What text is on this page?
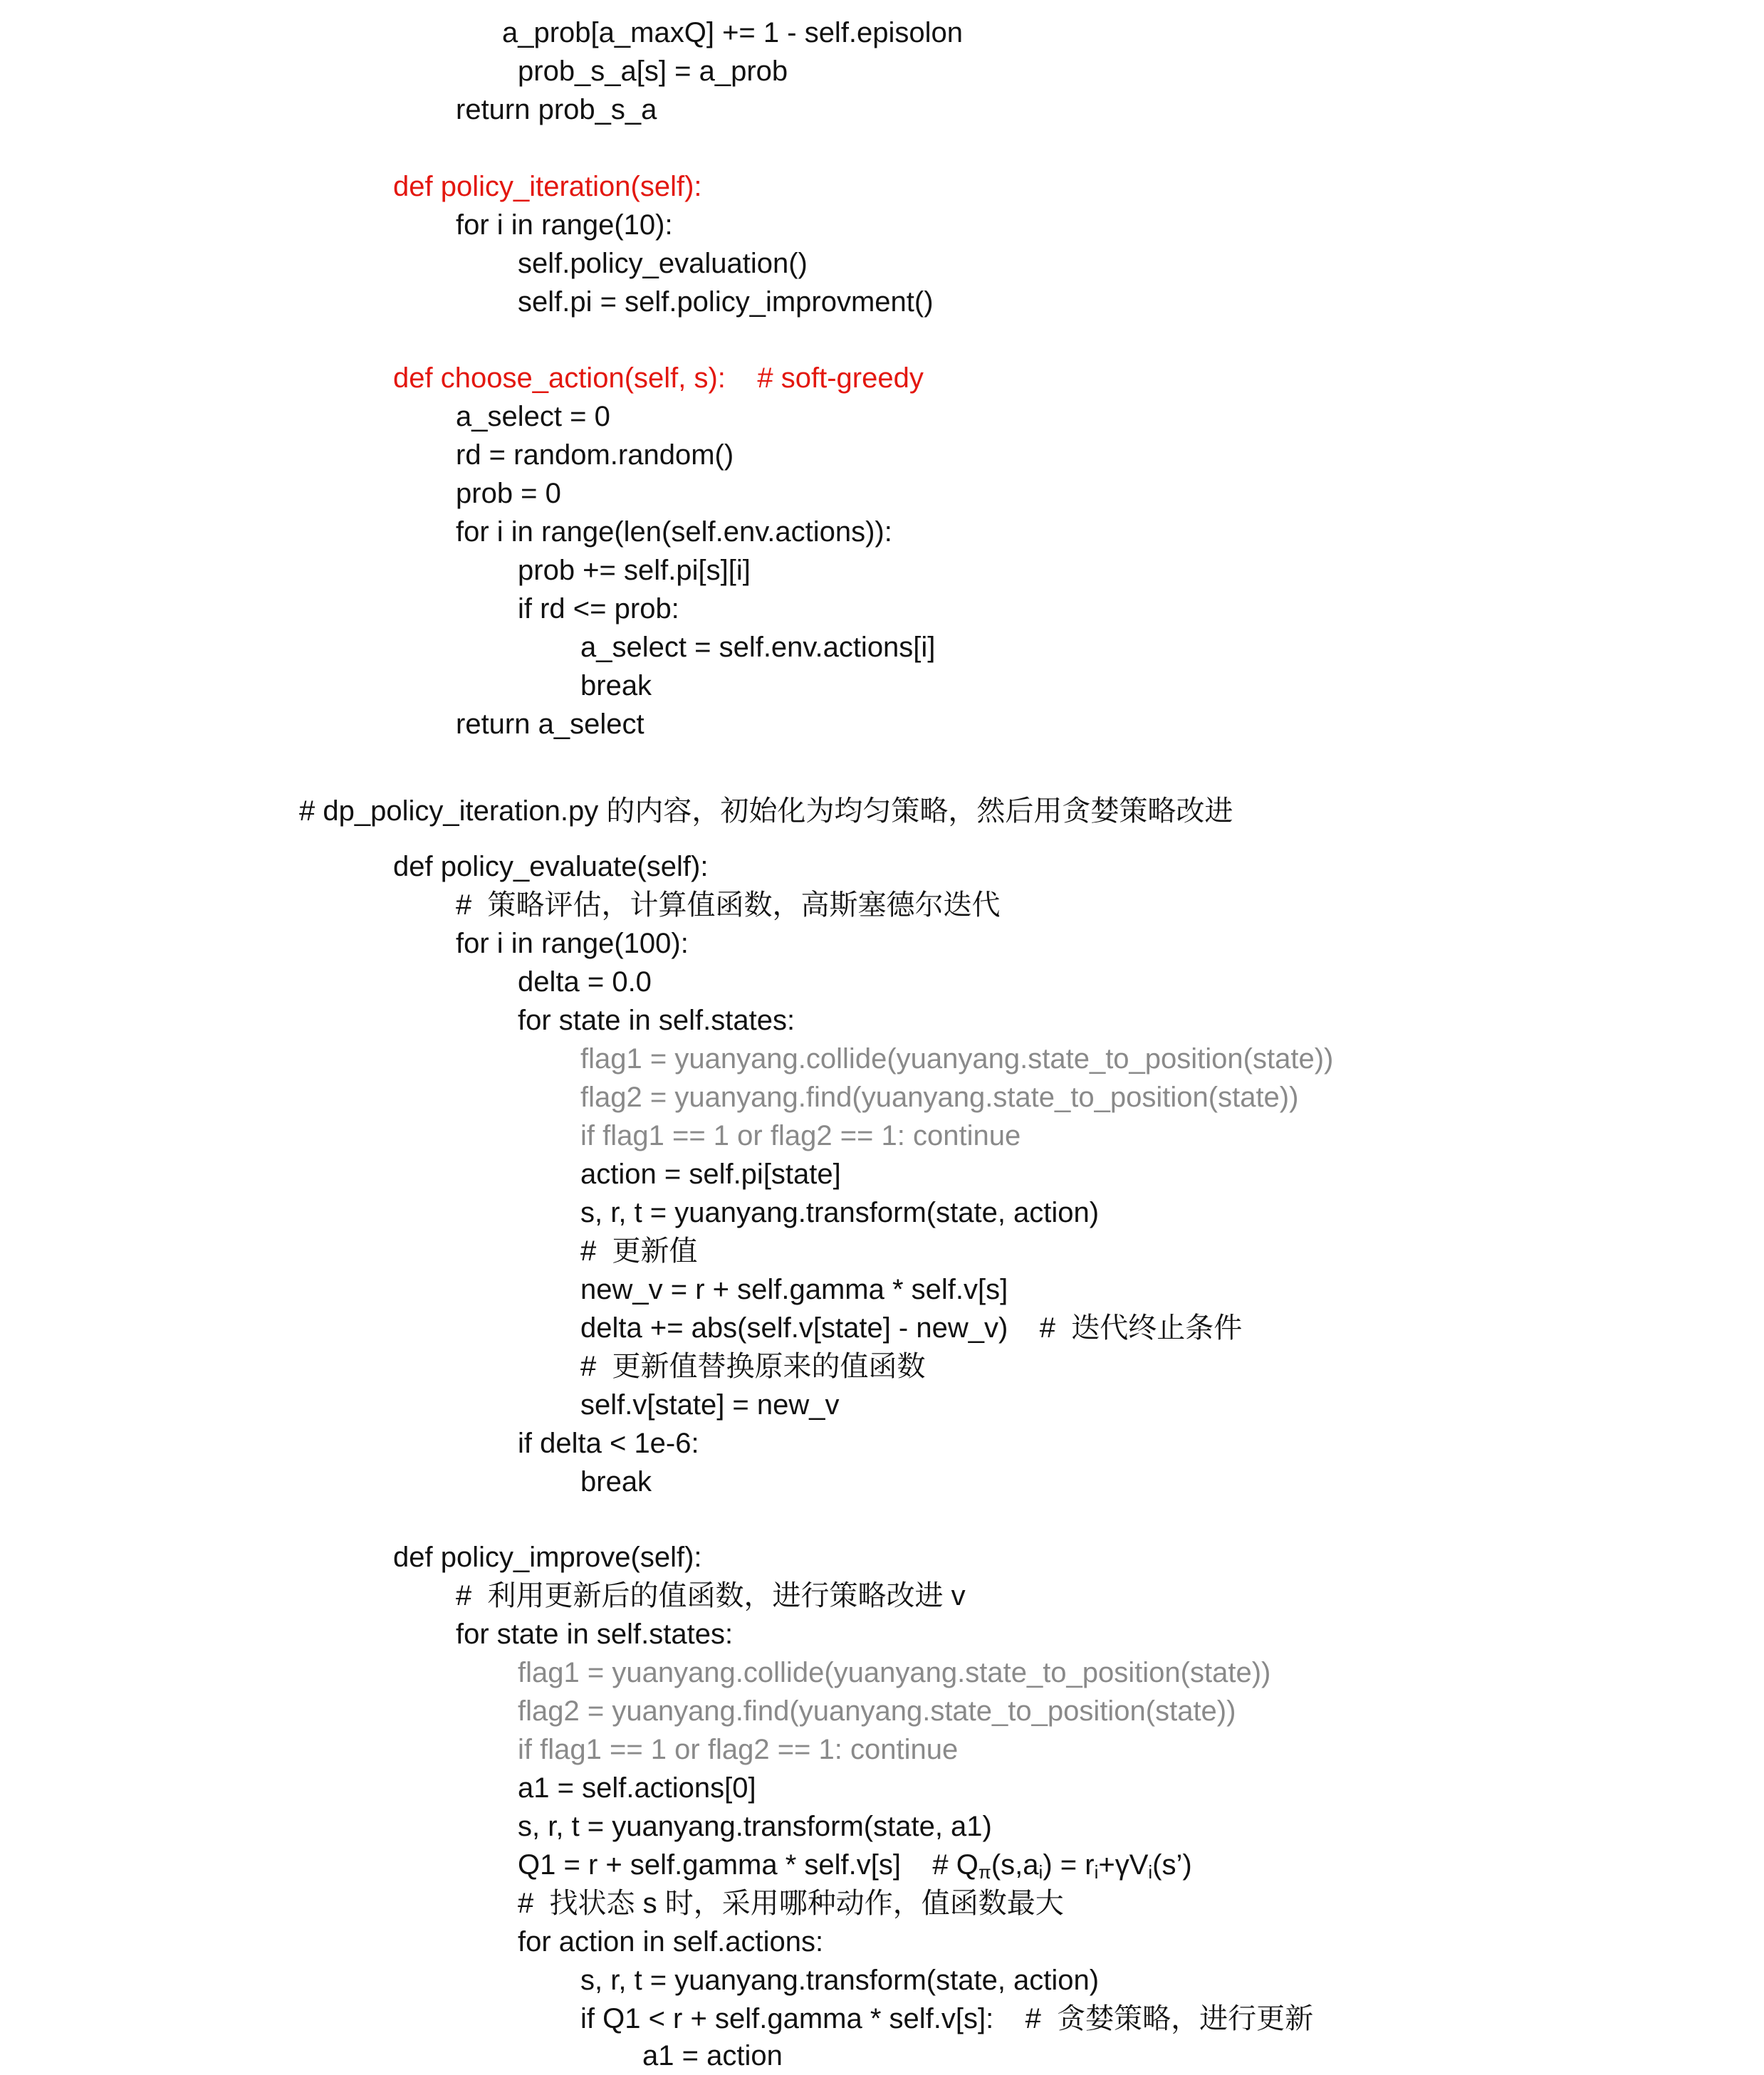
a_prob[a_maxQ] += 1 - self.episolon
prob_s_a[s] = a_prob
return prob_s_a
def policy_iteration(self):
for i in range(10):
self.policy_evaluation()
self.pi = self.policy_improvment()
def choose_action(self, s):    # soft-greedy
a_select = 0
rd = random.random()
prob = 0
for i in range(len(self.env.actions)):
prob += self.pi[s][i]
if rd <= prob:
a_select = self.env.actions[i]
break
return a_select
# dp_policy_iteration.py 的内容，初始化为均匀策略，然后用贪婪策略改进
def policy_evaluate(self):
#  策略评估，计算值函数，高斯塞德尔迭代
for i in range(100):
delta = 0.0
for state in self.states:
flag1 = yuanyang.collide(yuanyang.state_to_position(state))
flag2 = yuanyang.find(yuanyang.state_to_position(state))
if flag1 == 1 or flag2 == 1: continue
action = self.pi[state]
s, r, t = yuanyang.transform(state, action)
#  更新值
new_v = r + self.gamma * self.v[s]
delta += abs(self.v[state] - new_v)    #  迭代终止条件
#  更新值替换原来的值函数
self.v[state] = new_v
if delta < 1e-6:
break
def policy_improve(self):
#  利用更新后的值函数，进行策略改进 v
for state in self.states:
flag1 = yuanyang.collide(yuanyang.state_to_position(state))
flag2 = yuanyang.find(yuanyang.state_to_position(state))
if flag1 == 1 or flag2 == 1: continue
a1 = self.actions[0]
s, r, t = yuanyang.transform(state, a1)
Q1 = r + self.gamma * self.v[s]    # $Q_\pi(s,a_i)$ = $r_i+\gamma V_i(s’)$
#  找状态 s 时，采用哪种动作，值函数最大
for action in self.actions:
s, r, t = yuanyang.transform(state, action)
if Q1 < r + self.gamma * self.v[s]:    #  贪婪策略，进行更新
a1 = action
